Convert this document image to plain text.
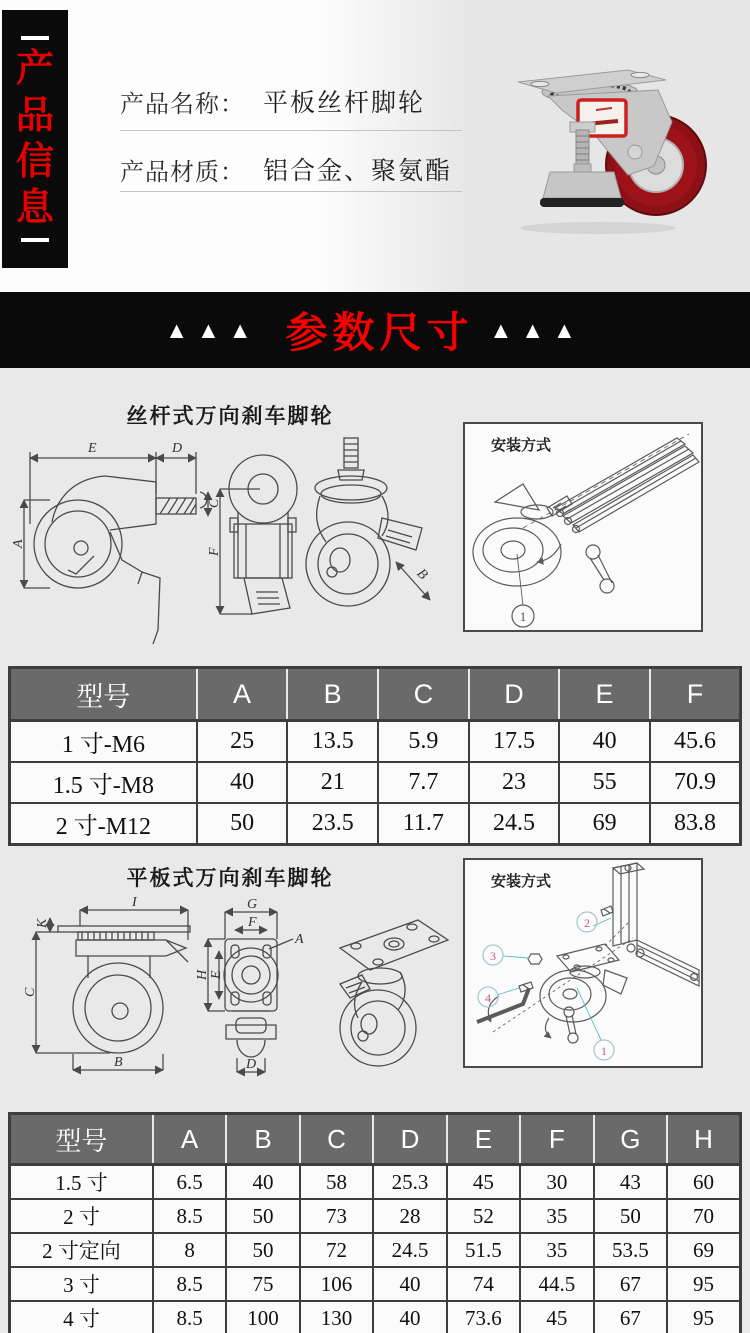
产品信息
产品名称： 平板丝杆脚轮
产品材质： 铝合金、聚氨酯
▲▲▲ 参数尺寸 ▲▲▲
丝杆式万向刹车脚轮
E	D
A
C
F
B
安装方式
1
型号	A	B	C	D	E	F
1 寸-M6	25	13.5	5.9	17.5	40	45.6
1.5 寸-M8	40	21	7.7	23	55	70.9
2 寸-M12	50	23.5	11.7	24.5	69	83.8
平板式万向刹车脚轮
K
I
C
B
G
F
A
H E
D
安装方式
2
3
4
1
型号	A	B	C	D	E	F	G	H
1.5 寸	6.5	40	58	25.3	45	30	43	60
2 寸	8.5	50	73	28	52	35	50	70
2 寸定向	8	50	72	24.5	51.5	35	53.5	69
3 寸	8.5	75	106	40	74	44.5	67	95
4 寸	8.5	100	130	40	73.6	45	67	95
